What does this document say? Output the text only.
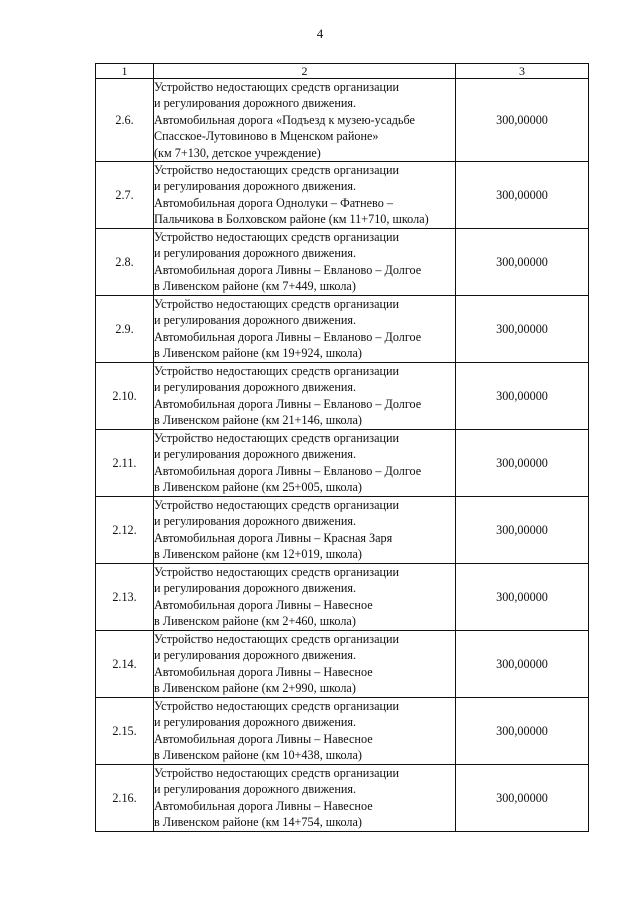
4
1	2	3
2.6.	Устройство недостающих средств организации
и регулирования дорожного движения.
Автомобильная дорога «Подъезд к музею-усадьбе
Спасское-Лутовиново в Мценском районе»
(км 7+130, детское учреждение)	300,00000
2.7.	Устройство недостающих средств организации
и регулирования дорожного движения.
Автомобильная дорога Однолуки – Фатнево –
Пальчикова в Болховском районе (км 11+710, школа)	300,00000
2.8.	Устройство недостающих средств организации
и регулирования дорожного движения.
Автомобильная дорога Ливны – Евланово – Долгое
в Ливенском районе (км 7+449, школа)	300,00000
2.9.	Устройство недостающих средств организации
и регулирования дорожного движения.
Автомобильная дорога Ливны – Евланово – Долгое
в Ливенском районе (км 19+924, школа)	300,00000
2.10.	Устройство недостающих средств организации
и регулирования дорожного движения.
Автомобильная дорога Ливны – Евланово – Долгое
в Ливенском районе (км 21+146, школа)	300,00000
2.11.	Устройство недостающих средств организации
и регулирования дорожного движения.
Автомобильная дорога Ливны – Евланово – Долгое
в Ливенском районе (км 25+005, школа)	300,00000
2.12.	Устройство недостающих средств организации
и регулирования дорожного движения.
Автомобильная дорога Ливны – Красная Заря
в Ливенском районе (км 12+019, школа)	300,00000
2.13.	Устройство недостающих средств организации
и регулирования дорожного движения.
Автомобильная дорога Ливны – Навесное
в Ливенском районе (км 2+460, школа)	300,00000
2.14.	Устройство недостающих средств организации
и регулирования дорожного движения.
Автомобильная дорога Ливны – Навесное
в Ливенском районе (км 2+990, школа)	300,00000
2.15.	Устройство недостающих средств организации
и регулирования дорожного движения.
Автомобильная дорога Ливны – Навесное
в Ливенском районе (км 10+438, школа)	300,00000
2.16.	Устройство недостающих средств организации
и регулирования дорожного движения.
Автомобильная дорога Ливны – Навесное
в Ливенском районе (км 14+754, школа)	300,00000
